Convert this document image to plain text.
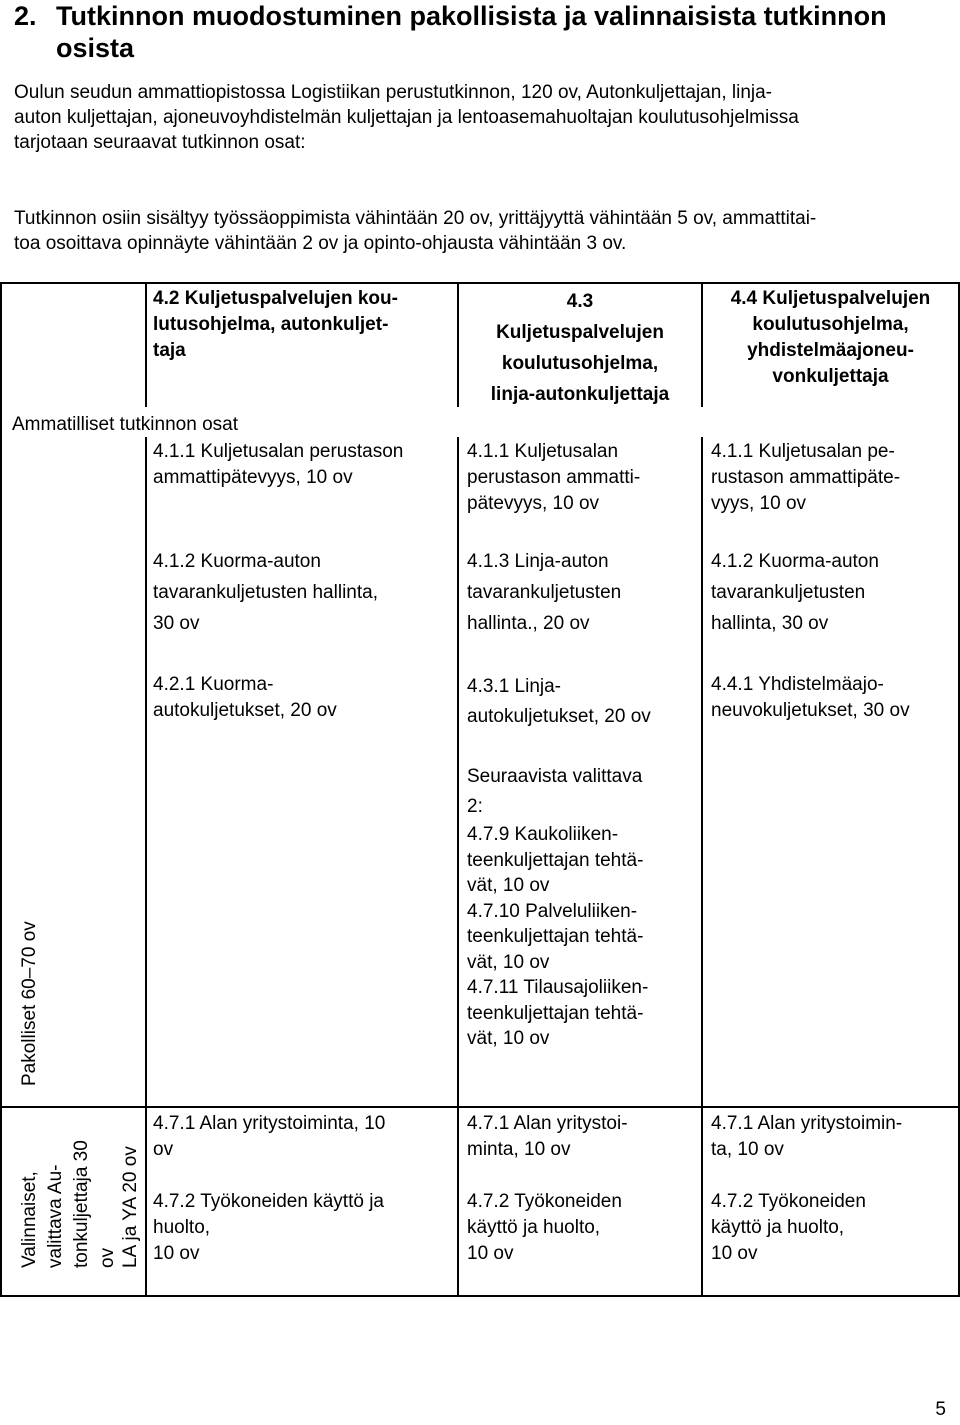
2. Tutkinnon muodostuminen pakollisista ja valinnaisista tutkinnon osista
Oulun seudun ammattiopistossa Logistiikan perustutkinnon, 120 ov, Autonkuljettajan, linja-
auton kuljettajan, ajoneuvoyhdistelmän kuljettajan ja lentoasemahuoltajan koulutusohjelmissa
tarjotaan seuraavat tutkinnon osat:
Tutkinnon osiin sisältyy työssäoppimista vähintään 20 ov, yrittäjyyttä vähintään 5 ov, ammattitai-
toa osoittava opinnäyte vähintään 2 ov ja opinto-ohjausta vähintään 3 ov.
4.2 Kuljetuspalvelujen kou-
lutusohjelma, autonkuljet-
taja
4.3
Kuljetuspalvelujen
koulutusohjelma,
linja-autonkuljettaja
4.4 Kuljetuspalvelujen
koulutusohjelma,
yhdistelmäajoneu-
vonkuljettaja
Ammatilliset tutkinnon osat
4.1.1 Kuljetusalan perustason
ammattipätevyys, 10 ov
4.1.1 Kuljetusalan
perustason ammatti-
pätevyys, 10 ov
4.1.1 Kuljetusalan pe-
rustason ammattipäte-
vyys, 10 ov
4.1.2 Kuorma-auton
tavarankuljetusten hallinta,
30 ov
4.1.3 Linja-auton
tavarankuljetusten
hallinta., 20 ov
4.1.2 Kuorma-auton
tavarankuljetusten
hallinta, 30 ov
4.2.1 Kuorma-
autokuljetukset, 20 ov
4.3.1 Linja-
autokuljetukset, 20 ov
4.4.1 Yhdistelmäajo-
neuvokuljetukset, 30 ov
Seuraavista valittava
2:
4.7.9 Kaukoliiken-
teenkuljettajan tehtä-
vät, 10 ov
4.7.10 Palveluliiken-
teenkuljettajan tehtä-
vät, 10 ov
4.7.11 Tilausajoliiken-
teenkuljettajan tehtä-
vät, 10 ov
Pakolliset 60–70 ov
Valinnaiset, valittava Au- tonkuljettaja 30 ov LA ja YA 20 ov
4.7.1 Alan yritystoiminta, 10
ov
4.7.2 Työkoneiden käyttö ja
huolto,
10 ov
4.7.1 Alan yritystoi-
minta, 10 ov
4.7.2 Työkoneiden
käyttö ja huolto,
10 ov
4.7.1 Alan yritystoimin-
ta, 10 ov
4.7.2 Työkoneiden
käyttö ja huolto,
10 ov
5
